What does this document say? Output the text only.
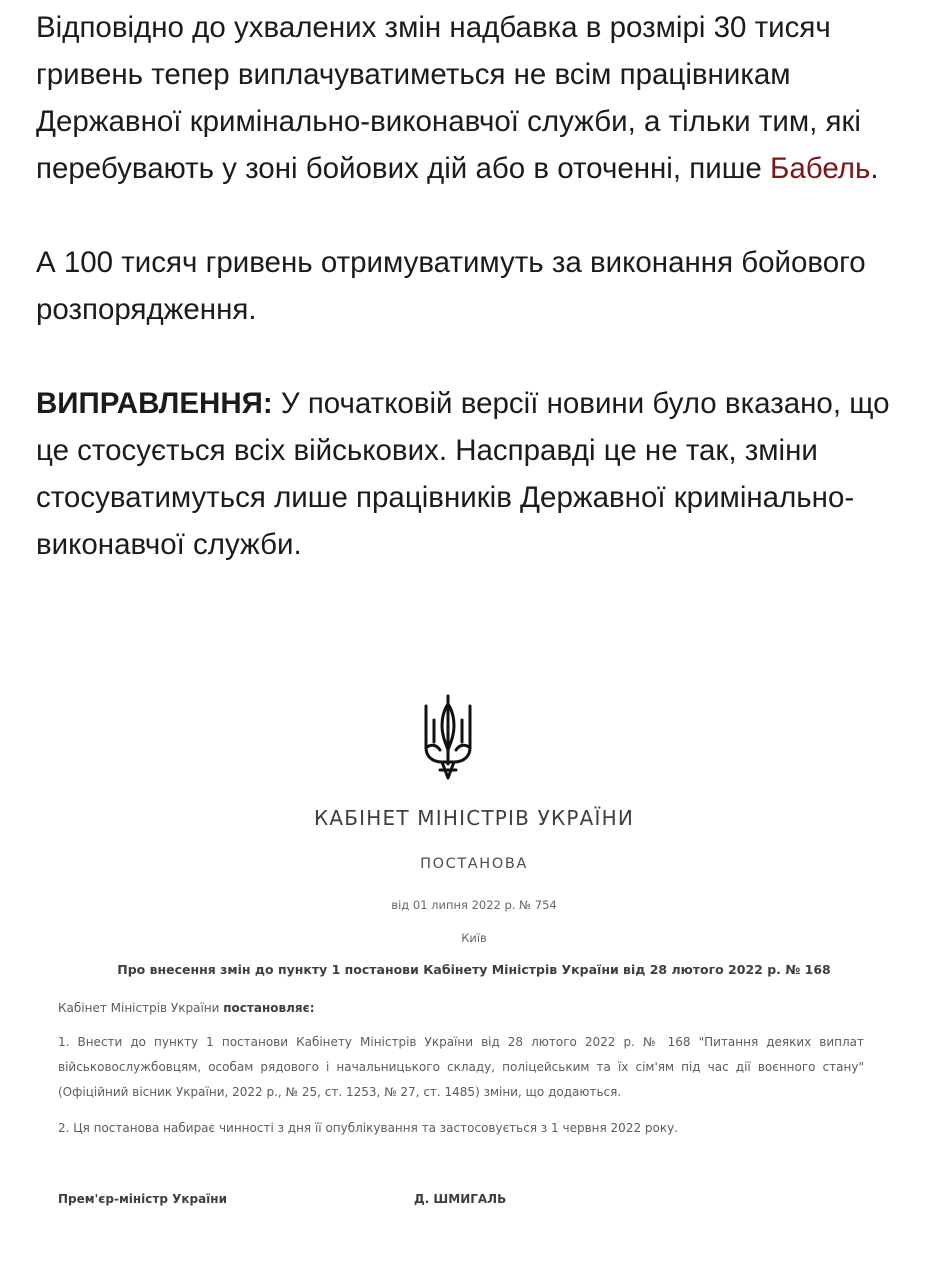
Відповідно до ухвалених змін надбавка в розмірі 30 тисяч гривень тепер виплачуватиметься не всім працівникам Державної кримінально-виконавчої служби, а тільки тим, які перебувають у зоні бойових дій або в оточенні, пише Бабель.

А 100 тисяч гривень отримуватимуть за виконання бойового розпорядження.

ВИПРАВЛЕННЯ: У початковій версії новини було вказано, що це стосується всіх військових. Насправді це не так, зміни стосуватимуться лише працівників Державної кримінально-виконавчої служби.

КАБІНЕТ МІНІСТРІВ УКРАЇНИ
ПОСТАНОВА
від 01 липня 2022 р. № 754
Київ
Про внесення змін до пункту 1 постанови Кабінету Міністрів України від 28 лютого 2022 р. № 168
Кабінет Міністрів України постановляє:
1. Внести до пункту 1 постанови Кабінету Міністрів України від 28 лютого 2022 р. № 168 "Питання деяких виплат військовослужбовцям, особам рядового і начальницького складу, поліцейським та їх сім'ям під час дії воєнного стану" (Офіційний вісник України, 2022 р., № 25, ст. 1253, № 27, ст. 1485) зміни, що додаються.
2. Ця постанова набирає чинності з дня її опублікування та застосовується з 1 червня 2022 року.
Прем'єр-міністр України	Д. ШМИГАЛЬ
